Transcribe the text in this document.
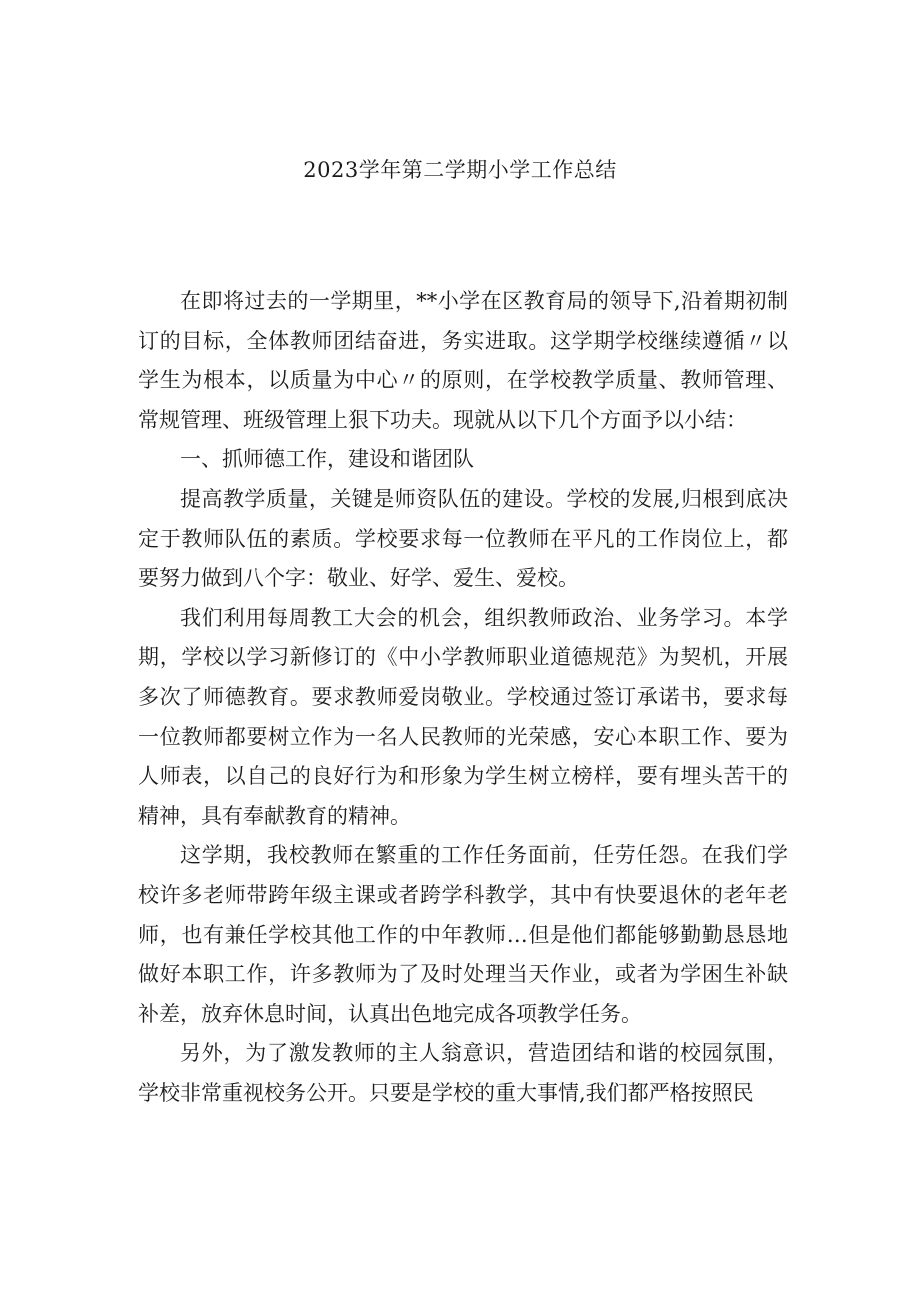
2023学年第二学期小学工作总结

在即将过去的一学期里，**小学在区教育局的领导下,沿着期初制订的目标，全体教师团结奋进，务实进取。这学期学校继续遵循〃以学生为根本，以质量为中心〃的原则，在学校教学质量、教师管理、常规管理、班级管理上狠下功夫。现就从以下几个方面予以小结：

一、抓师德工作，建设和谐团队

提高教学质量，关键是师资队伍的建设。学校的发展,归根到底决定于教师队伍的素质。学校要求每一位教师在平凡的工作岗位上，都要努力做到八个字：敬业、好学、爱生、爱校。

我们利用每周教工大会的机会，组织教师政治、业务学习。本学期，学校以学习新修订的《中小学教师职业道德规范》为契机，开展多次了师德教育。要求教师爱岗敬业。学校通过签订承诺书，要求每一位教师都要树立作为一名人民教师的光荣感，安心本职工作、要为人师表，以自己的良好行为和形象为学生树立榜样，要有埋头苦干的精神，具有奉献教育的精神。

这学期，我校教师在繁重的工作任务面前，任劳任怨。在我们学校许多老师带跨年级主课或者跨学科教学，其中有快要退休的老年老师，也有兼任学校其他工作的中年教师…但是他们都能够勤勤恳恳地做好本职工作，许多教师为了及时处理当天作业，或者为学困生补缺补差，放弃休息时间，认真出色地完成各项教学任务。

另外，为了激发教师的主人翁意识，营造团结和谐的校园氛围，学校非常重视校务公开。只要是学校的重大事情,我们都严格按照民
